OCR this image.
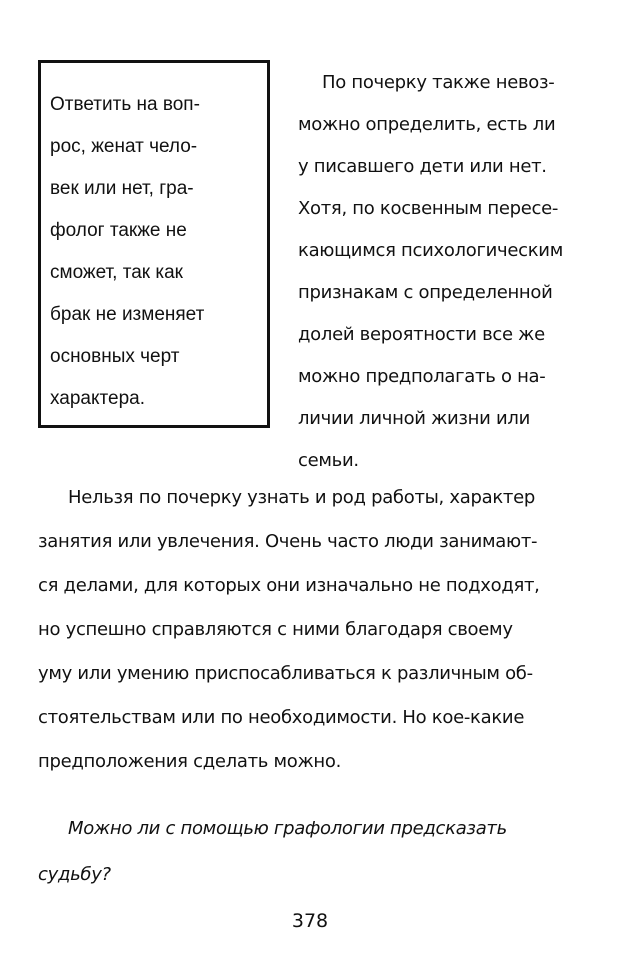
Ответить на воп-
рос, женат чело-
век или нет, гра-
фолог также не
сможет, так как
брак не изменяет
основных черт
характера.

По почерку также невоз-
можно определить, есть ли
у писавшего дети или нет.
Хотя, по косвенным пересе-
кающимся психологическим
признакам с определенной
долей вероятности все же
можно предполагать о на-
личии личной жизни или
семьи.

Нельзя по почерку узнать и род работы, характер
занятия или увлечения. Очень часто люди занимают-
ся делами, для которых они изначально не подходят,
но успешно справляются с ними благодаря своему
уму или умению приспосабливаться к различным об-
стоятельствам или по необходимости. Но кое-какие
предположения сделать можно.

Можно ли с помощью графологии предсказать
судьбу?

378
